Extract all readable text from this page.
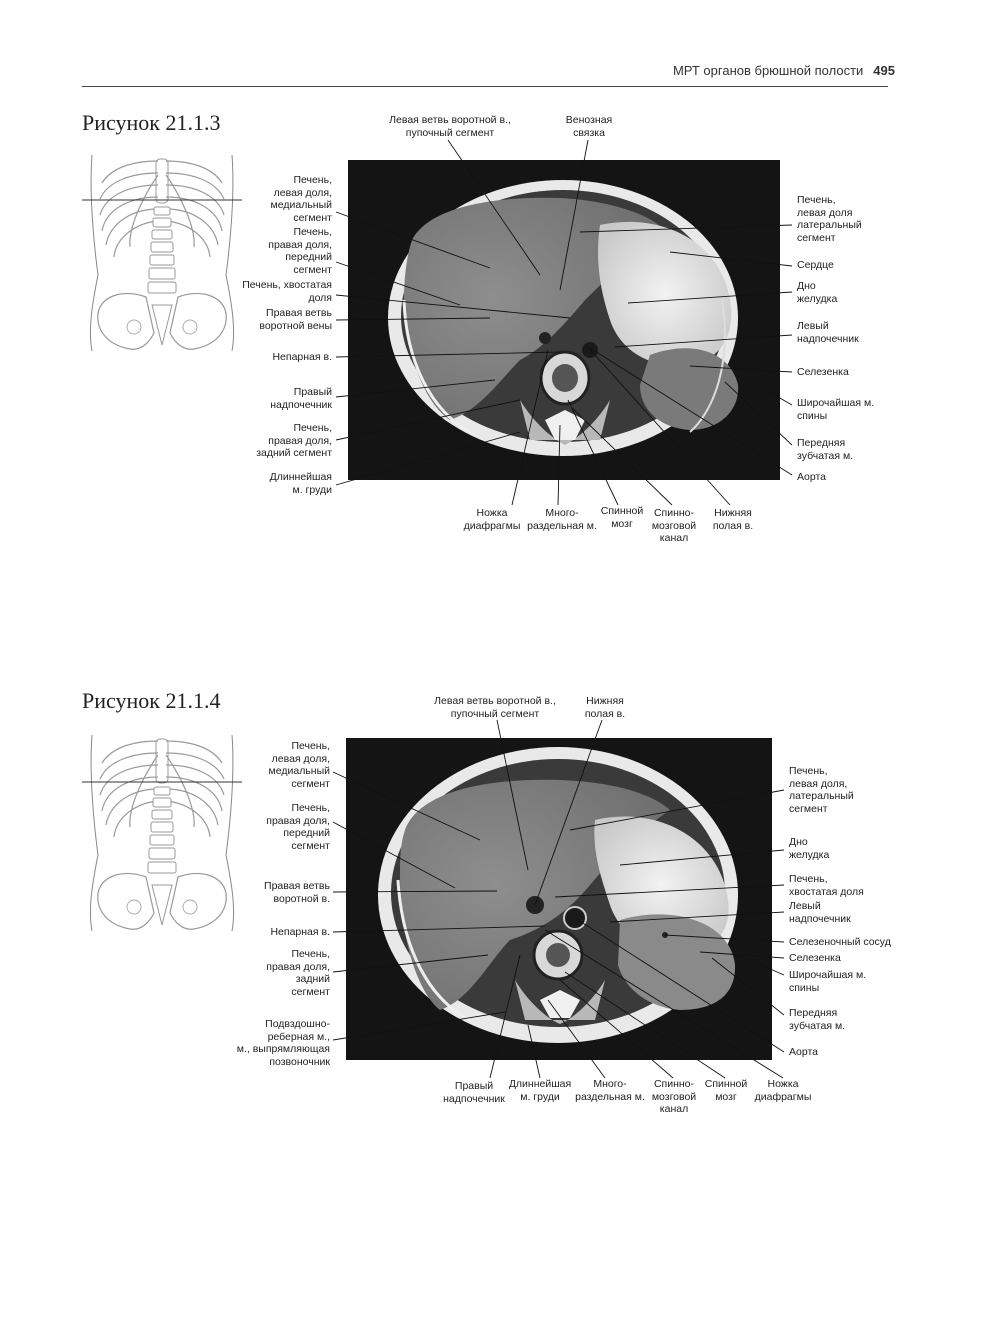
МРТ органов брюшной полости 495
Рисунок 21.1.3
Рисунок 21.1.4
Левая ветвь воротной в.,
пупочный сегмент
Венозная
связка
Печень,
левая доля,
медиальный
сегмент
Печень,
правая доля,
передний
сегмент
Печень, хвостатая
доля
Правая ветвь
воротной вены
Непарная в.
Правый
надпочечник
Печень,
правая доля,
задний сегмент
Длиннейшая
м. груди
Печень,
левая доля
латеральный
сегмент
Сердце
Дно
желудка
Левый
надпочечник
Селезенка
Широчайшая м.
спины
Передняя
зубчатая м.
Аорта
Ножка
диафрагмы
Много-
раздельная м.
Спинной
мозг
Спинно-
мозговой
канал
Нижняя
полая в.
Левая ветвь воротной в.,
пупочный сегмент
Нижняя
полая в.
Печень,
левая доля,
медиальный
сегмент
Печень,
правая доля,
передний
сегмент
Правая ветвь
воротной в.
Непарная в.
Печень,
правая доля,
задний
сегмент
Подвздошно-
реберная м.,
м., выпрямляющая
позвоночник
Печень,
левая доля,
латеральный
сегмент
Дно
желудка
Печень,
хвостатая доля
Левый
надпочечник
Селезеночный сосуд
Селезенка
Широчайшая м.
спины
Передняя
зубчатая м.
Аорта
Правый
надпочечник
Длиннейшая
м. груди
Много-
раздельная м.
Спинно-
мозговой
канал
Спинной
мозг
Ножка
диафрагмы
